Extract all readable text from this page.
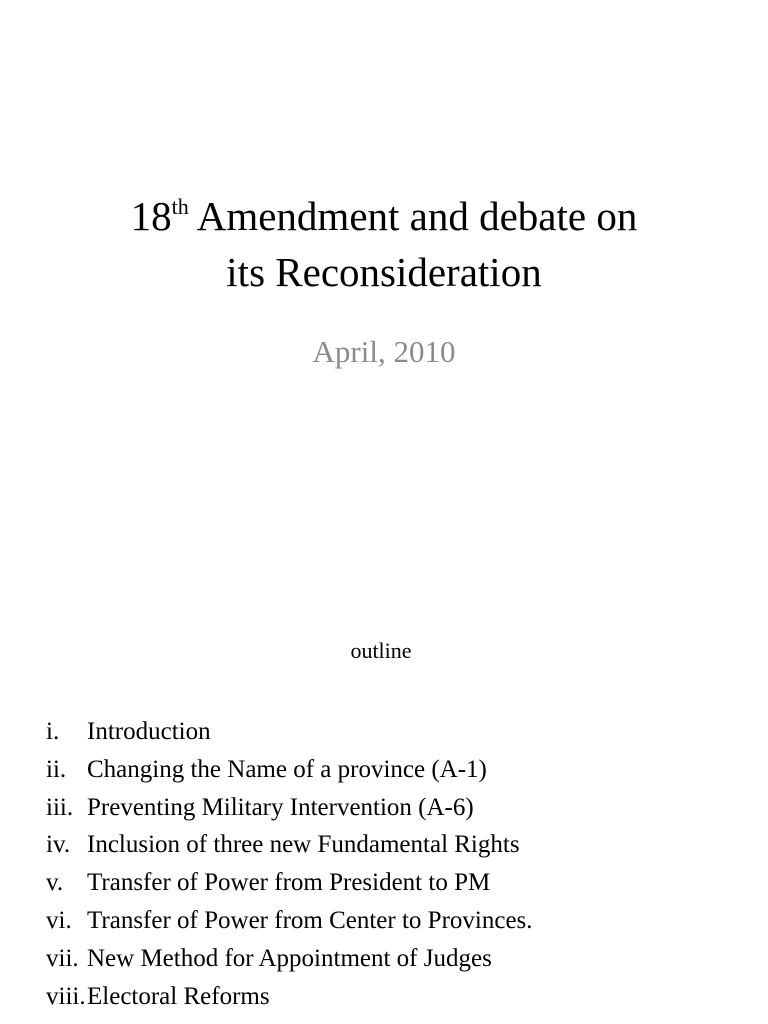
18th Amendment and debate on
its Reconsideration
April, 2010
outline
i. Introduction
ii. Changing the Name of a province (A-1)
iii. Preventing Military Intervention (A-6)
iv. Inclusion of three new Fundamental Rights
v. Transfer of Power from President to PM
vi. Transfer of Power from Center to Provinces.
vii. New Method for Appointment of Judges
viii.Electoral Reforms
